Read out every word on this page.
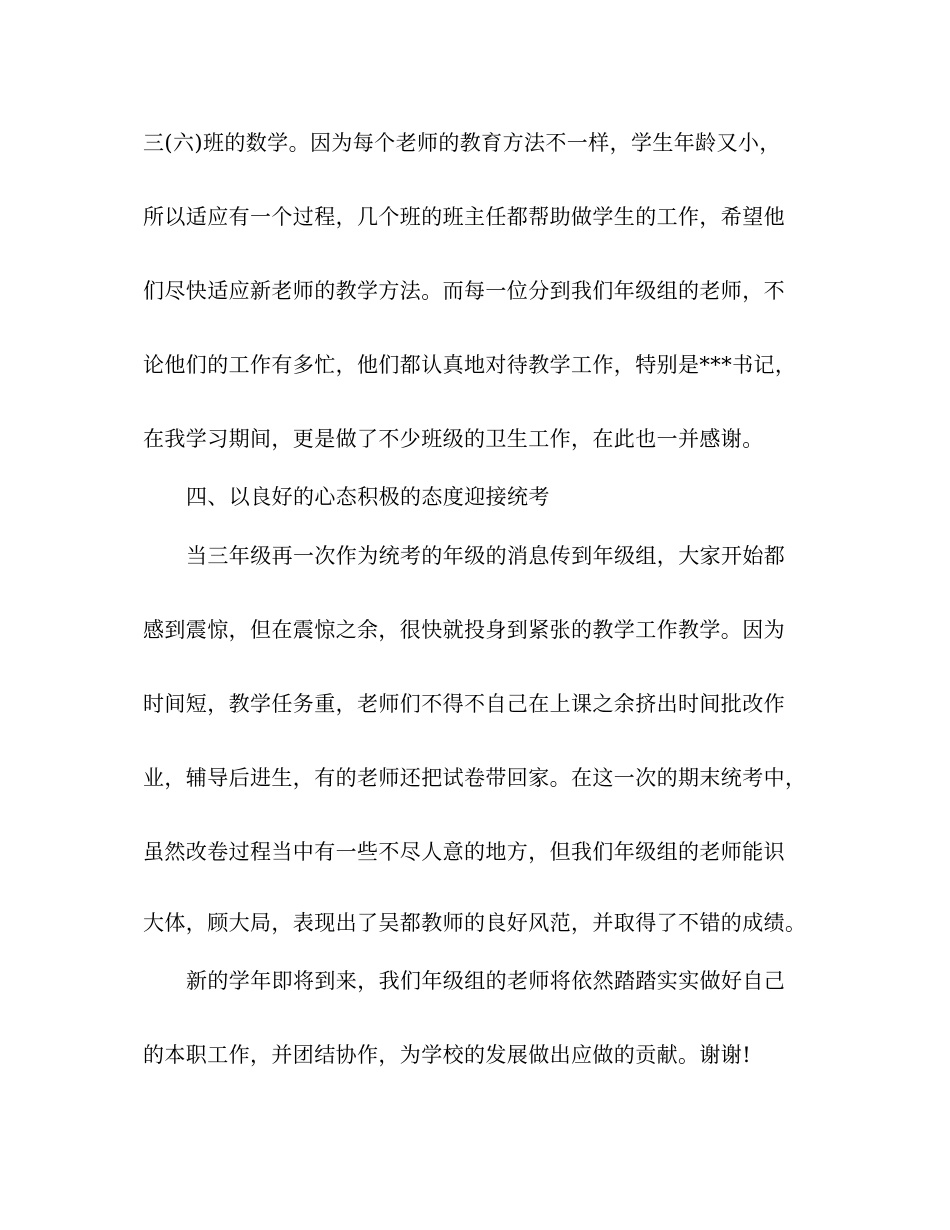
三(六)班的数学。因为每个老师的教育方法不一样，学生年龄又小，
所以适应有一个过程，几个班的班主任都帮助做学生的工作，希望他
们尽快适应新老师的教学方法。而每一位分到我们年级组的老师，不
论他们的工作有多忙，他们都认真地对待教学工作，特别是***书记，
在我学习期间，更是做了不少班级的卫生工作，在此也一并感谢。
四、以良好的心态积极的态度迎接统考
当三年级再一次作为统考的年级的消息传到年级组，大家开始都
感到震惊，但在震惊之余，很快就投身到紧张的教学工作教学。因为
时间短，教学任务重，老师们不得不自己在上课之余挤出时间批改作
业，辅导后进生，有的老师还把试卷带回家。在这一次的期末统考中，
虽然改卷过程当中有一些不尽人意的地方，但我们年级组的老师能识
大体，顾大局，表现出了吴都教师的良好风范，并取得了不错的成绩。
新的学年即将到来，我们年级组的老师将依然踏踏实实做好自己
的本职工作，并团结协作，为学校的发展做出应做的贡献。谢谢!
